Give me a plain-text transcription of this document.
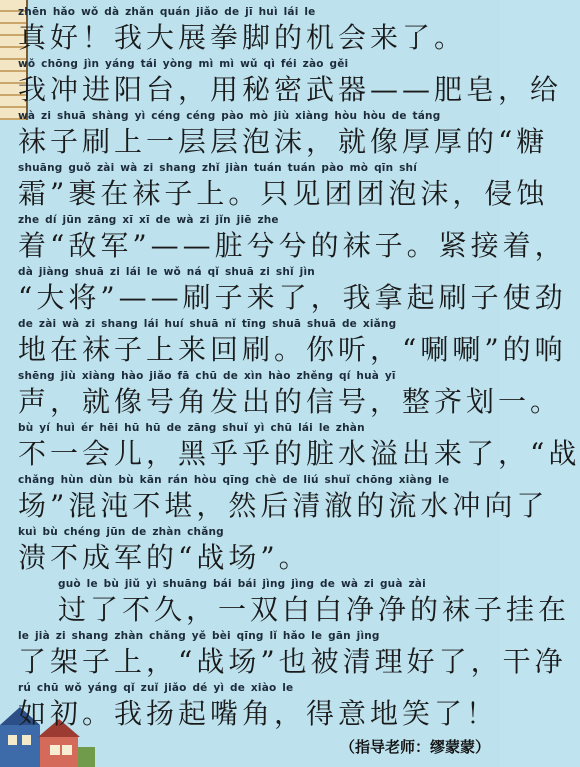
zhēn hǎo wǒ dà zhǎn quán jiǎo de jī huì lái le
真好！我大展拳脚的机会来了。
wǒ chōng jìn yáng tái yòng mì mì wǔ qì féi zào gěi
我冲进阳台，用秘密武器——肥皂，给
wà zi shuā shàng yì céng céng pào mò jiù xiàng hòu hòu de táng
袜子刷上一层层泡沫，就像厚厚的“糖
shuāng guǒ zài wà zi shang zhǐ jiàn tuán tuán pào mò qīn shí
霜”裹在袜子上。只见团团泡沫，侵蚀
zhe dí jūn zāng xī xī de wà zi jǐn jiē zhe
着“敌军”——脏兮兮的袜子。紧接着，
dà jiàng shuā zi lái le wǒ ná qǐ shuā zi shǐ jìn
“大将”——刷子来了，我拿起刷子使劲
de zài wà zi shang lái huí shuā nǐ tīng shuā shuā de xiǎng
地在袜子上来回刷。你听，“唰唰”的响
shēng jiù xiàng hào jiǎo fā chū de xìn hào zhěng qí huà yī
声，就像号角发出的信号，整齐划一。
bù yí huì ér hēi hū hū de zāng shuǐ yì chū lái le zhàn
不一会儿，黑乎乎的脏水溢出来了，“战
chǎng hùn dùn bù kān rán hòu qīng chè de liú shuǐ chōng xiàng le
场”混沌不堪，然后清澈的流水冲向了
kuì bù chéng jūn de zhàn chǎng
溃不成军的“战场”。
guò le bù jiǔ yì shuāng bái bái jìng jìng de wà zi guà zài
过了不久，一双白白净净的袜子挂在
le jià zi shang zhàn chǎng yě bèi qīng lǐ hǎo le gān jìng
了架子上，“战场”也被清理好了，干净
rú chū wǒ yáng qǐ zuǐ jiǎo dé yì de xiào le
如初。我扬起嘴角，得意地笑了！
（指导老师：缪蒙蒙）
